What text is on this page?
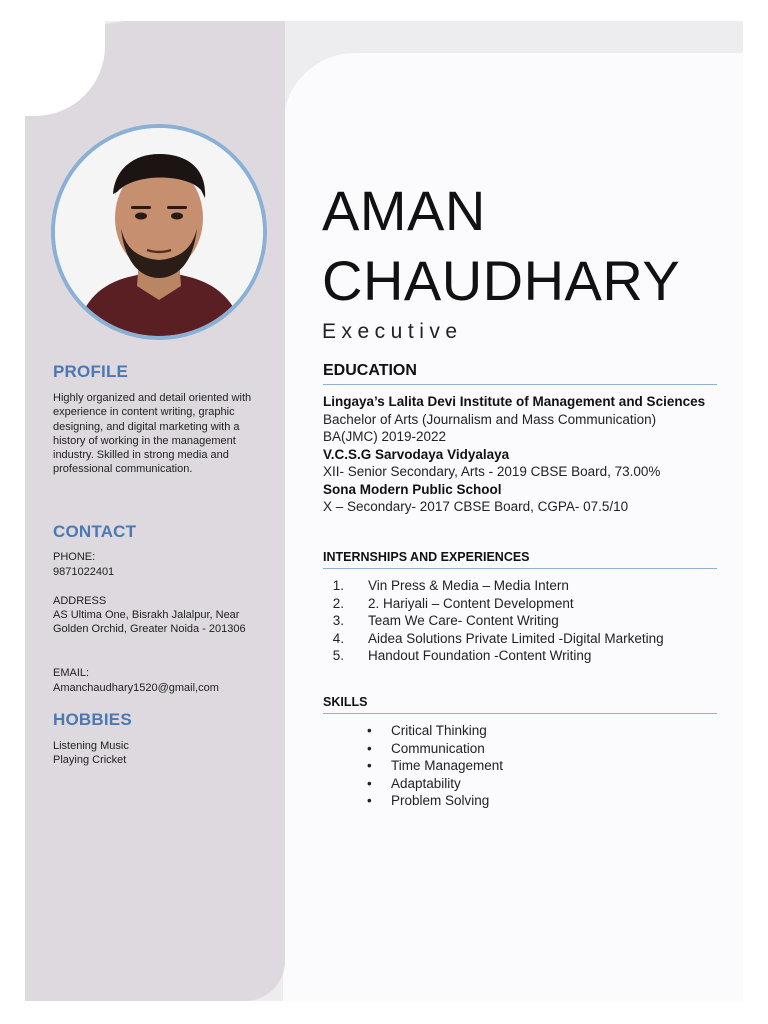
PROFILE
Highly organized and detail oriented with experience in content writing, graphic designing, and digital marketing with a history of working in the management industry. Skilled in strong media and professional communication.
CONTACT
PHONE:
9871022401
ADDRESS
AS Ultima One, Bisrakh Jalalpur, Near Golden Orchid, Greater Noida - 201306
EMAIL:
Amanchaudhary1520@gmail,com
HOBBIES
Listening Music
Playing Cricket
AMAN
CHAUDHARY
Executive
EDUCATION
Lingaya’s Lalita Devi Institute of Management and Sciences
Bachelor of Arts (Journalism and Mass Communication)
BA(JMC) 2019-2022
V.C.S.G Sarvodaya Vidyalaya
XII- Senior Secondary, Arts - 2019 CBSE Board, 73.00%
Sona Modern Public School
X – Secondary- 2017 CBSE Board, CGPA- 07.5/10
INTERNSHIPS AND EXPERIENCES
1. Vin Press & Media – Media Intern
2. 2. Hariyali – Content Development
3. Team We Care- Content Writing
4. Aidea Solutions Private Limited -Digital Marketing
5. Handout Foundation -Content Writing
SKILLS
• Critical Thinking
• Communication
• Time Management
• Adaptability
• Problem Solving
